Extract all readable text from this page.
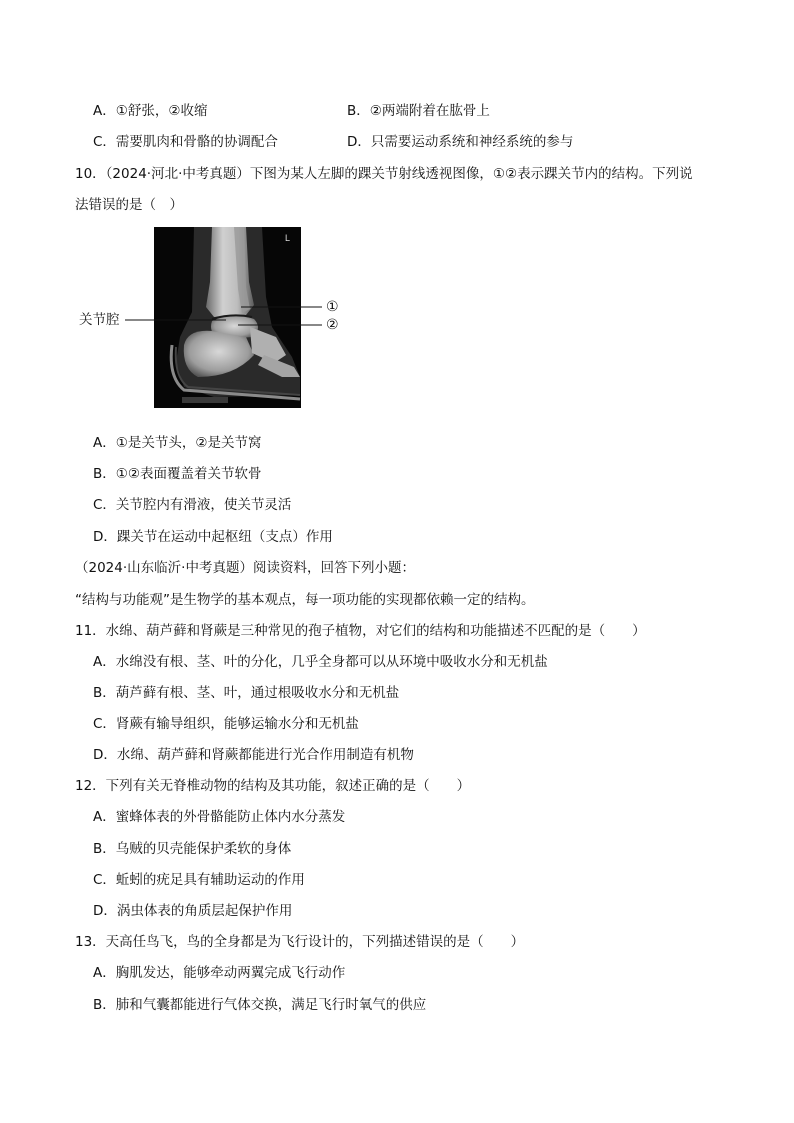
A．①舒张，②收缩	B．②两端附着在肱骨上
C．需要肌肉和骨骼的协调配合	D．只需要运动系统和神经系统的参与
10．（2024·河北·中考真题）下图为某人左脚的踝关节射线透视图像，①②表示踝关节内的结构。下列说
法错误的是（　）
L
关节腔
①
②
A．①是关节头，②是关节窝
B．①②表面覆盖着关节软骨
C．关节腔内有滑液，使关节灵活
D．踝关节在运动中起枢纽（支点）作用
（2024·山东临沂·中考真题）阅读资料，回答下列小题：
“结构与功能观”是生物学的基本观点，每一项功能的实现都依赖一定的结构。
11．水绵、葫芦藓和肾蕨是三种常见的孢子植物，对它们的结构和功能描述不匹配的是（　　）
A．水绵没有根、茎、叶的分化，几乎全身都可以从环境中吸收水分和无机盐
B．葫芦藓有根、茎、叶，通过根吸收水分和无机盐
C．肾蕨有输导组织，能够运输水分和无机盐
D．水绵、葫芦藓和肾蕨都能进行光合作用制造有机物
12．下列有关无脊椎动物的结构及其功能，叙述正确的是（　　）
A．蜜蜂体表的外骨骼能防止体内水分蒸发
B．乌贼的贝壳能保护柔软的身体
C．蚯蚓的疣足具有辅助运动的作用
D．涡虫体表的角质层起保护作用
13．天高任鸟飞，鸟的全身都是为飞行设计的，下列描述错误的是（　　）
A．胸肌发达，能够牵动两翼完成飞行动作
B．肺和气囊都能进行气体交换，满足飞行时氧气的供应
